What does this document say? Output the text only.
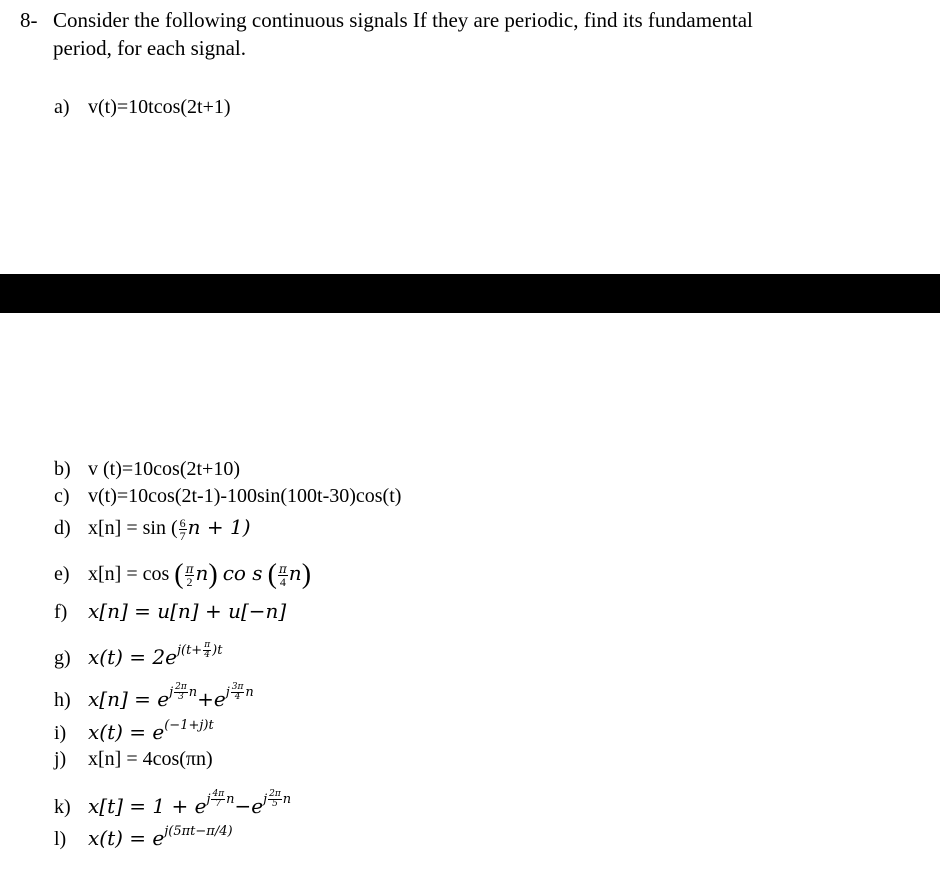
8- Consider the following continuous signals If they are periodic, find its fundamental
period, for each signal.
a) v(t)=10tcos(2t+1)
b) v (t)=10cos(2t+10)
c) v(t)=10cos(2t-1)-100sin(100t-30)cos(t)
d) x[n] = sin ( $\frac{6}{7}$ n + 1)
e) x[n] = cos ( $\frac{\pi}{2} n$) co s ( $\frac{\pi}{4} n$)
f) x[n] = u[n] + u[−n]
g) $x(t) = 2e^{j(t+ \frac{\pi}{4} )t}$
h) $x[n] = e^{j \frac{2\pi}{3} n}+e^{j \frac{3\pi}{4} n}$
i) $x(t) = e^{(-1+j)t}$
j) x[n] = 4cos(πn)
k) $x[t] = 1 + e^{j \frac{4\pi}{7} n}-e^{j \frac{2\pi}{5} n}$
l) $x(t) = e^{j(5\pi t-\pi/4)}$
